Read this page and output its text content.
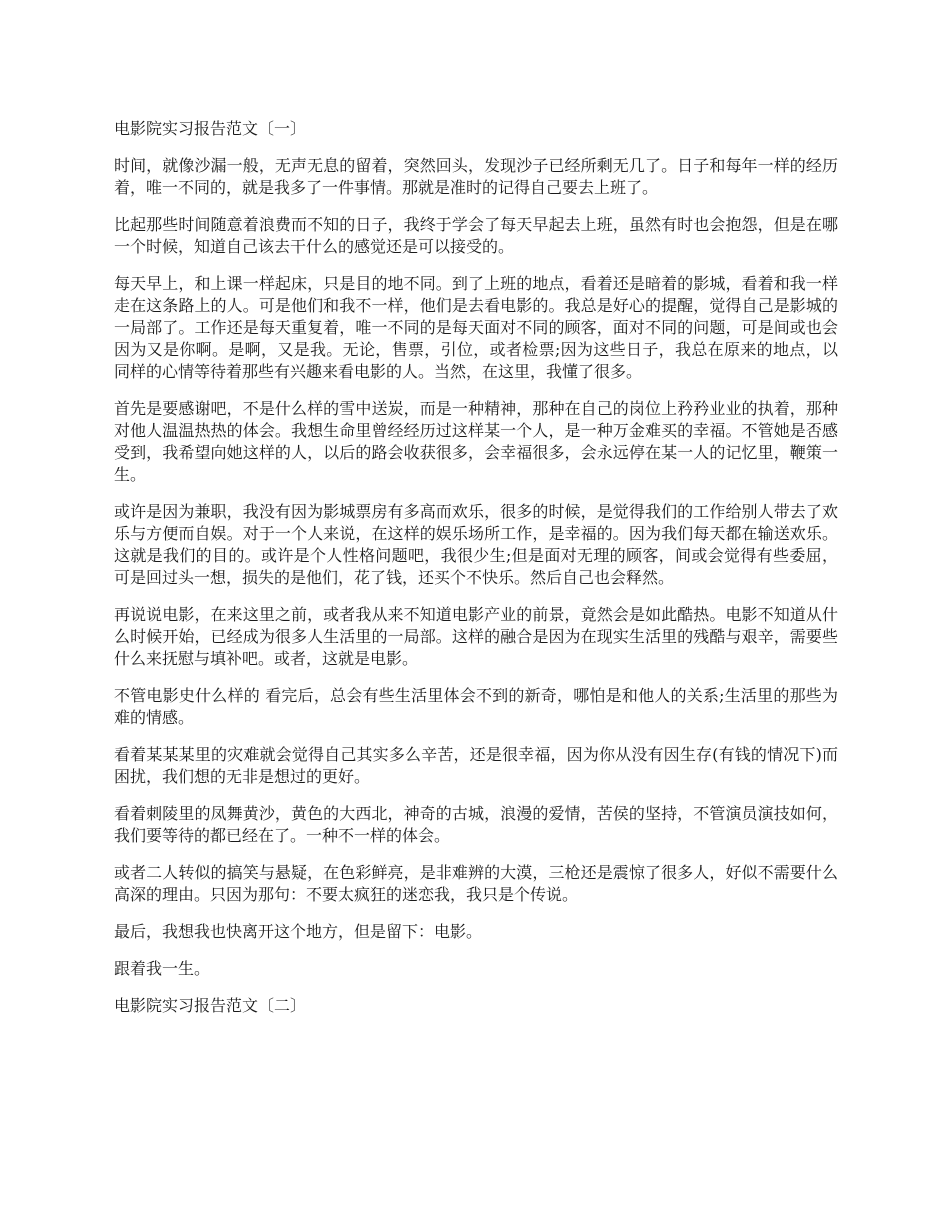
电影院实习报告范文〔一〕

时间，就像沙漏一般，无声无息的留着，突然回头，发现沙子已经所剩无几了。日子和每年一样的经历着，唯一不同的，就是我多了一件事情。那就是准时的记得自己要去上班了。

比起那些时间随意着浪费而不知的日子，我终于学会了每天早起去上班，虽然有时也会抱怨，但是在哪一个时候，知道自己该去干什么的感觉还是可以接受的。

每天早上，和上课一样起床，只是目的地不同。到了上班的地点，看着还是暗着的影城，看着和我一样走在这条路上的人。可是他们和我不一样，他们是去看电影的。我总是好心的提醒，觉得自己是影城的一局部了。工作还是每天重复着，唯一不同的是每天面对不同的顾客，面对不同的问题，可是间或也会因为又是你啊。是啊，又是我。无论，售票，引位，或者检票;因为这些日子，我总在原来的地点，以同样的心情等待着那些有兴趣来看电影的人。当然，在这里，我懂了很多。

首先是要感谢吧，不是什么样的雪中送炭，而是一种精神，那种在自己的岗位上矜矜业业的执着，那种对他人温温热热的体会。我想生命里曾经经历过这样某一个人，是一种万金难买的幸福。不管她是否感受到，我希望向她这样的人，以后的路会收获很多，会幸福很多，会永远停在某一人的记忆里，鞭策一生。

或许是因为兼职，我没有因为影城票房有多高而欢乐，很多的时候，是觉得我们的工作给别人带去了欢乐与方便而自娱。对于一个人来说，在这样的娱乐场所工作，是幸福的。因为我们每天都在输送欢乐。这就是我们的目的。或许是个人性格问题吧，我很少生;但是面对无理的顾客，间或会觉得有些委屈，可是回过头一想，损失的是他们，花了钱，还买个不快乐。然后自己也会释然。

再说说电影，在来这里之前，或者我从来不知道电影产业的前景，竟然会是如此酷热。电影不知道从什么时候开始，已经成为很多人生活里的一局部。这样的融合是因为在现实生活里的残酷与艰辛，需要些什么来抚慰与填补吧。或者，这就是电影。

不管电影史什么样的 看完后，总会有些生活里体会不到的新奇，哪怕是和他人的关系;生活里的那些为难的情感。

看着某某某里的灾难就会觉得自己其实多么辛苦，还是很幸福，因为你从没有因生存(有钱的情况下)而困扰，我们想的无非是想过的更好。

看着刺陵里的凤舞黄沙，黄色的大西北，神奇的古城，浪漫的爱情，苦侯的坚持，不管演员演技如何，我们要等待的都已经在了。一种不一样的体会。

或者二人转似的搞笑与悬疑，在色彩鲜亮，是非难辨的大漠，三枪还是震惊了很多人，好似不需要什么高深的理由。只因为那句：不要太疯狂的迷恋我，我只是个传说。

最后，我想我也快离开这个地方，但是留下：电影。

跟着我一生。

电影院实习报告范文〔二〕
